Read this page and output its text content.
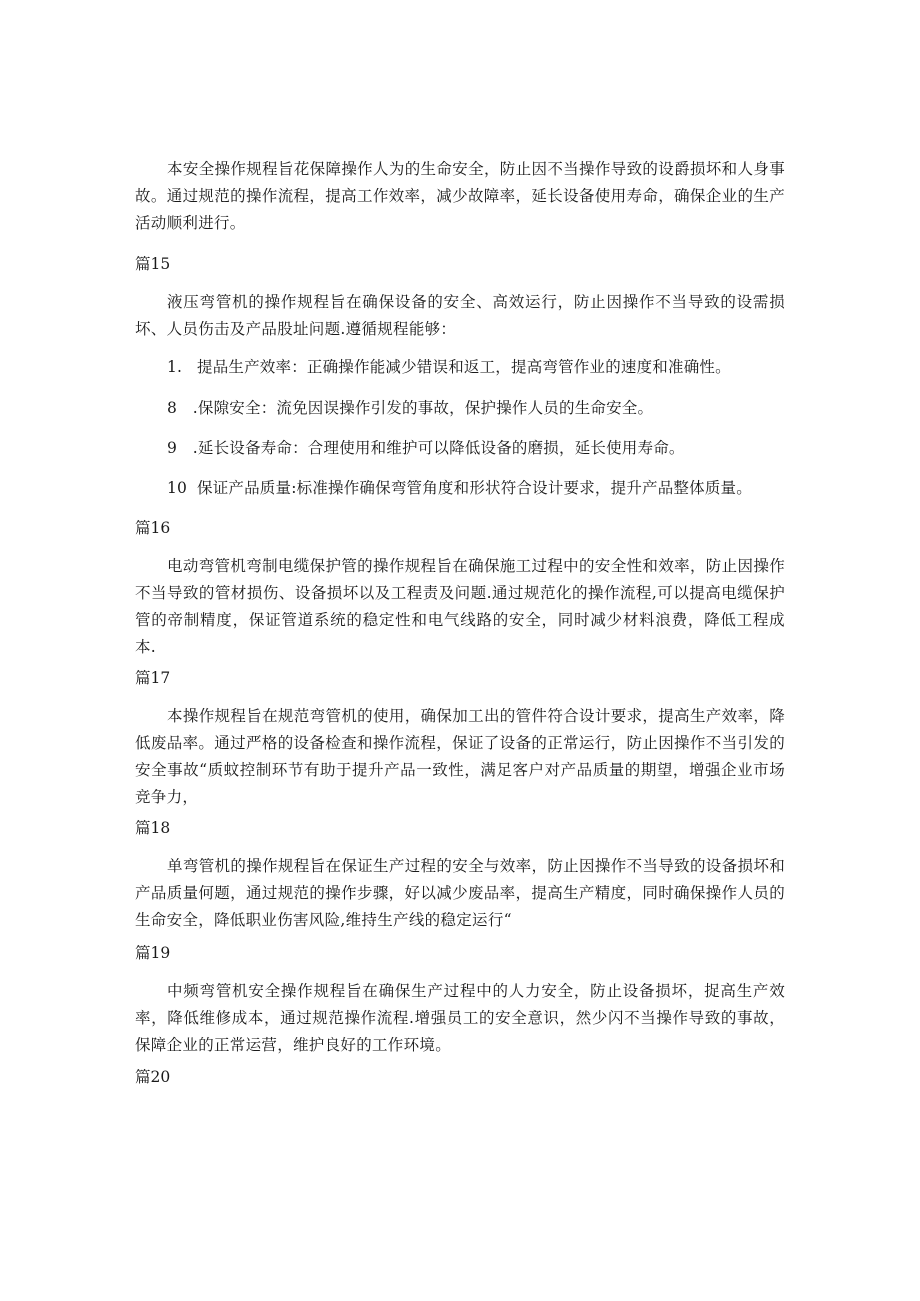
本安全操作规程旨花保障操作人为的生命安全，防止因不当操作导致的设爵损坏和人身事故。通过规范的操作流程，提高工作效率，减少故障率，延长设备使用寿命，确保企业的生产活动顺利进行。

篇15

液压弯管机的操作规程旨在确保设备的安全、高效运行，防止因操作不当导致的设需损坏、人员伤击及产品股址问题.遵循规程能够：

1. 提品生产效率：正确操作能减少错误和返工，提高弯管作业的速度和准确性。

8　.保隙安全：流免因误操作引发的事故，保护操作人员的生命安全。

9　.延长设备寿命：合理使用和维护可以降低设备的磨损，延长使用寿命。

10 保证产品质量:标准操作确保弯管角度和形状符合设计要求，提升产品整体质量。

篇16

电动弯管机弯制电缆保护管的操作规程旨在确保施工过程中的安全性和效率，防止因操作不当导致的管材损伤、设备损坏以及工程责及问题.通过规范化的操作流程,可以提高电缆保护管的帝制精度，保证管道系统的稳定性和电气线路的安全，同时减少材料浪费，降低工程成本.

篇17

本操作规程旨在规范弯管机的使用，确保加工出的管件符合设计要求，提高生产效率，降低废品率。通过严格的设备检查和操作流程，保证了设备的正常运行，防止因操作不当引发的安全事故“质蚊控制环节有助于提升产品一致性，满足客户对产品质量的期望，增强企业市场竞争力，

篇18

单弯管机的操作规程旨在保证生产过程的安全与效率，防止因操作不当导致的设备损坏和产品质量何题，通过规范的操作步骤，好以减少废品率，提高生产精度，同时确保操作人员的生命安全，降低职业伤害风险,维持生产线的稳定运行“

篇19

中频弯管机安全操作规程旨在确保生产过程中的人力安全，防止设备损坏，捉高生产效率，降低维修成本，通过规范操作流程.增强员工的安全意识，然少闪不当操作导致的事故，保障企业的正常运营，维护良好的工作环境。

篇20
